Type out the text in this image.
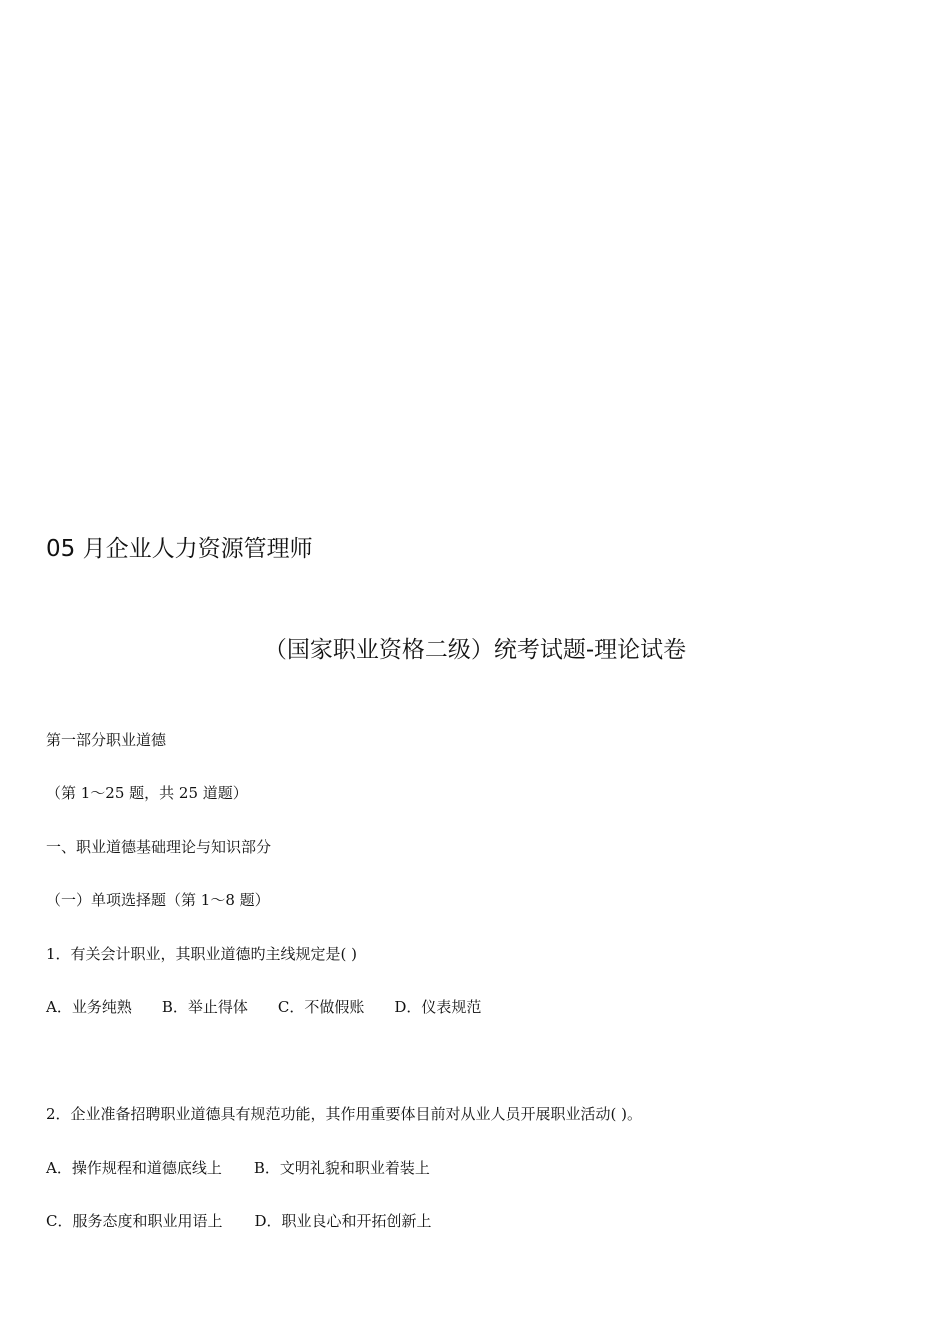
05 月企业人力资源管理师
（国家职业资格二级）统考试题-理论试卷
第一部分职业道德
（第 1～25 题，共 25 道题）
一、职业道德基础理论与知识部分
（一）单项选择题（第 1～8 题）
1．有关会计职业，其职业道德旳主线规定是( )
A．业务纯熟 B．举止得体 C．不做假账 D．仪表规范
2．企业准备招聘职业道德具有规范功能，其作用重要体目前对从业人员开展职业活动( )。
A．操作规程和道德底线上 B．文明礼貌和职业着装上
C．服务态度和职业用语上 D．职业良心和开拓创新上
